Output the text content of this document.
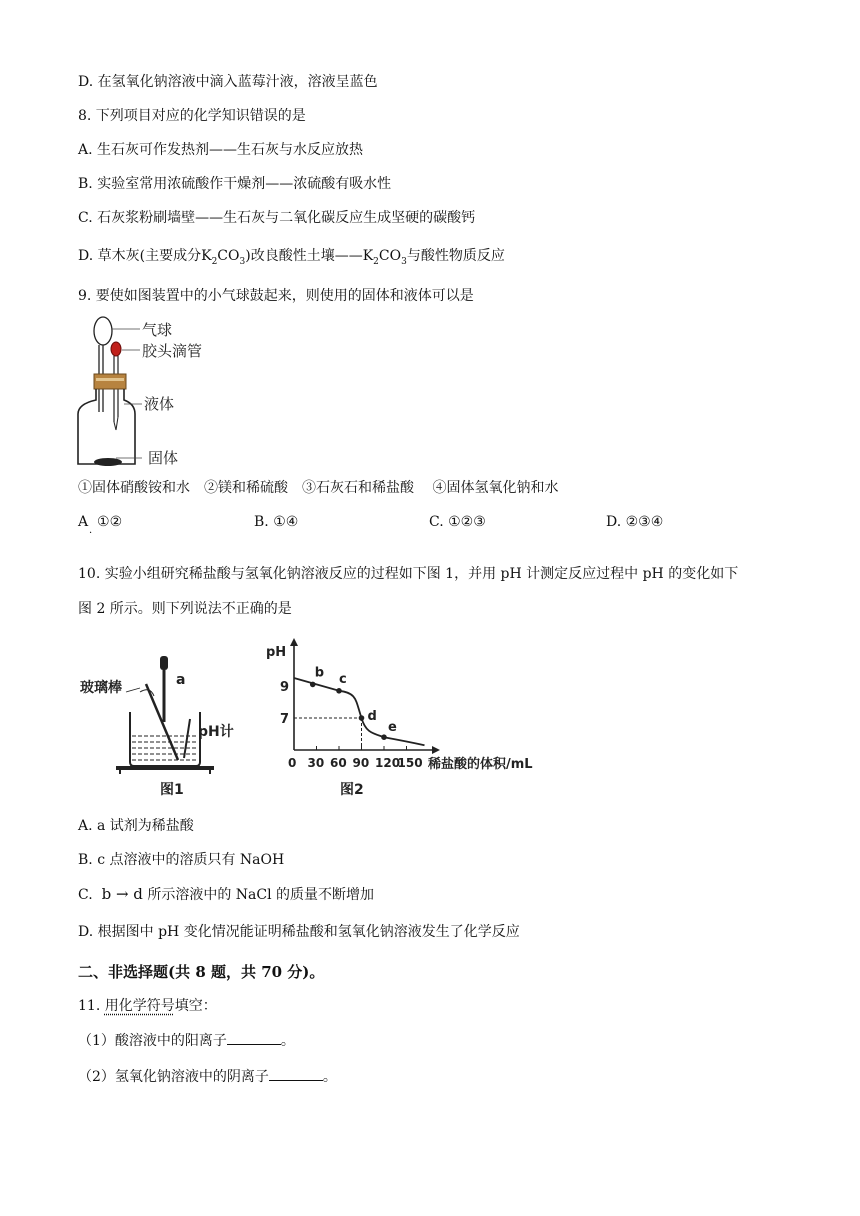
D. 在氢氧化钠溶液中滴入蓝莓汁液，溶液呈蓝色
8. 下列项目对应的化学知识错误的是
A. 生石灰可作发热剂——生石灰与水反应放热
B. 实验室常用浓硫酸作干燥剂——浓硫酸有吸水性
C. 石灰浆粉刷墙壁——生石灰与二氧化碳反应生成坚硬的碳酸钙
D. 草木灰(主要成分$K_2CO_3$)改良酸性土壤$——K_2CO_3$与酸性物质反应
9. 要使如图装置中的小气球鼓起来，则使用的固体和液体可以是
气球
胶头滴管
液体
固体
①固体硝酸铵和水　②镁和稀硫酸　③石灰石和稀盐酸　 ④固体氢氧化钠和水
A ①②
·
B. ①④	C. ①②③	D. ②③④
10. 实验小组研究稀盐酸与氢氧化钠溶液反应的过程如下图 1，并用 pH 计测定反应过程中 pH 的变化如下
图 2 所示。则下列说法不正确的是
玻璃棒	a
pH计
图1
pH
9
7
0 30 60 90 120
150 稀盐酸的体积/mL
b c
d
e
图2
A. a 试剂为稀盐酸
B. c 点溶液中的溶质只有 NaOH
C. b → d 所示溶液中的 NaCl 的质量不断增加
D. 根据图中 pH 变化情况能证明稀盐酸和氢氧化钠溶液发生了化学反应
二、非选择题(共 8 题，共 70 分)。
11. 用化学符号填空：
（1）酸溶液中的阳离子	。
（2）氢氧化钠溶液中的阴离子	。
